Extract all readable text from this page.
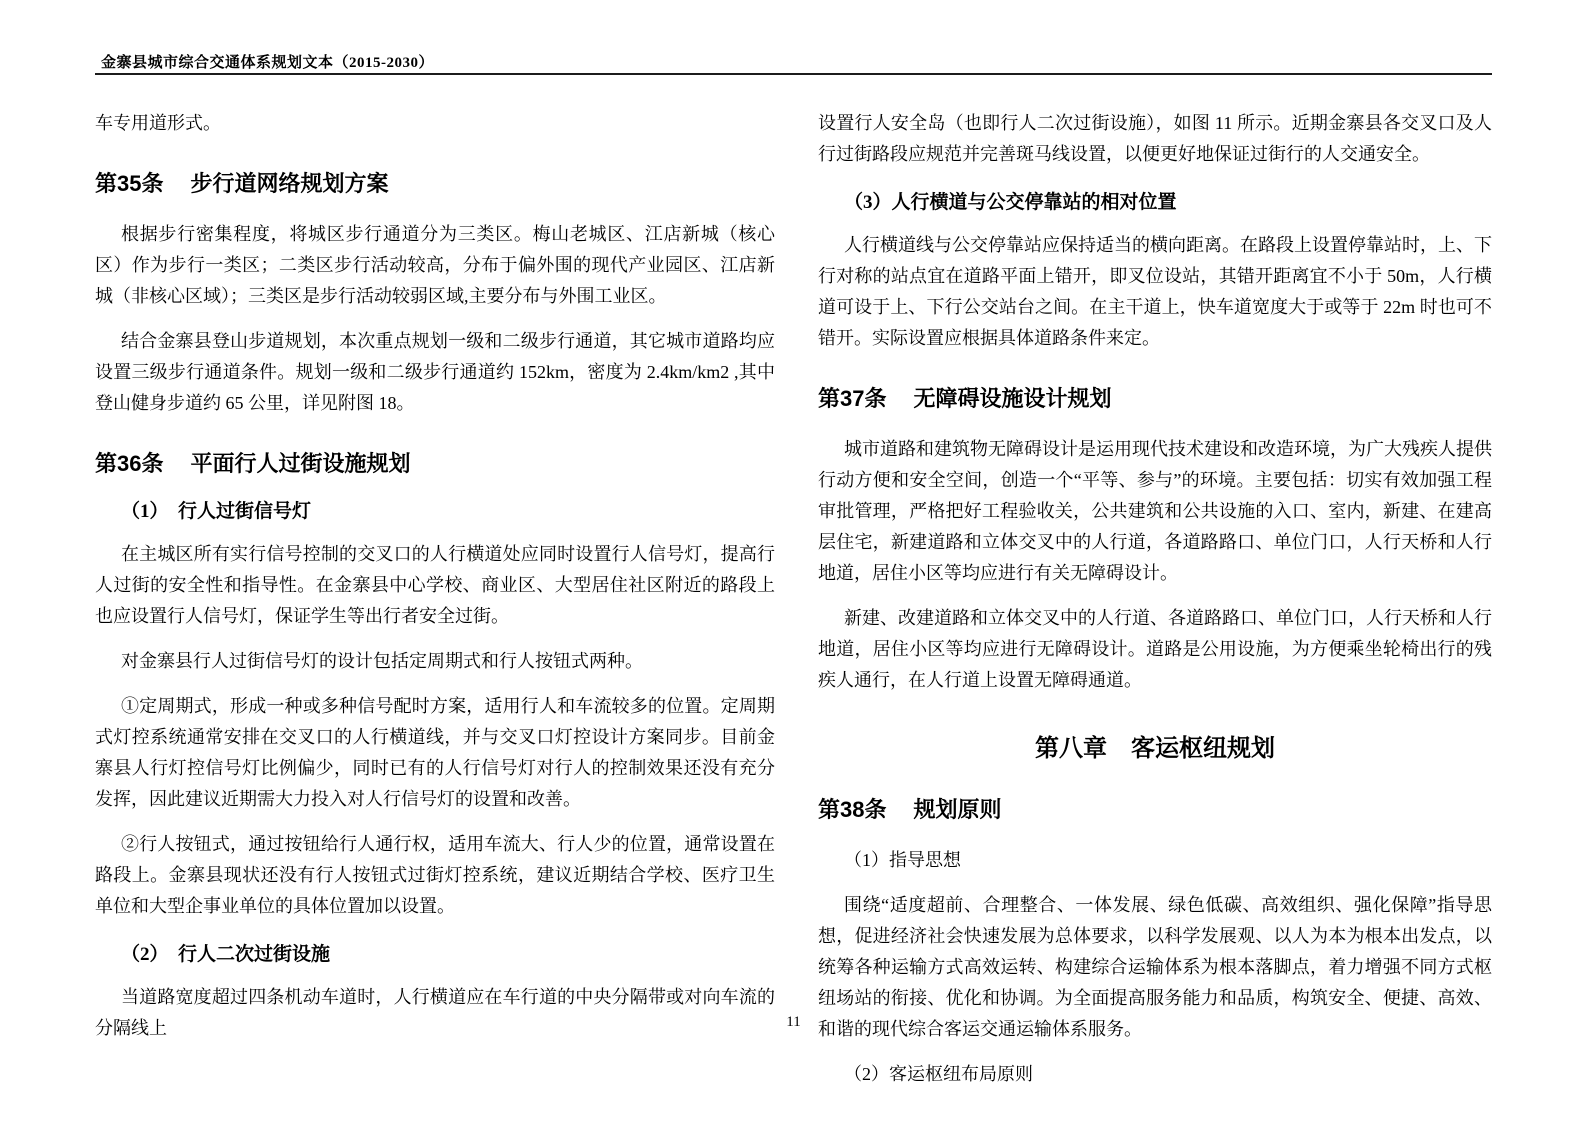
金寨县城市综合交通体系规划文本（2015-2030）

车专用道形式。

第35条 步行道网络规划方案

根据步行密集程度，将城区步行通道分为三类区。梅山老城区、江店新城（核心区）作为步行一类区；二类区步行活动较高，分布于偏外围的现代产业园区、江店新城（非核心区域）；三类区是步行活动较弱区域,主要分布与外围工业区。

结合金寨县登山步道规划，本次重点规划一级和二级步行通道，其它城市道路均应设置三级步行通道条件。规划一级和二级步行通道约 152km，密度为 2.4km/km2 ,其中登山健身步道约 65 公里，详见附图 18。

第36条 平面行人过街设施规划
（1）　行人过街信号灯

在主城区所有实行信号控制的交叉口的人行横道处应同时设置行人信号灯，提高行人过街的安全性和指导性。在金寨县中心学校、商业区、大型居住社区附近的路段上也应设置行人信号灯，保证学生等出行者安全过街。

对金寨县行人过街信号灯的设计包括定周期式和行人按钮式两种。

①定周期式，形成一种或多种信号配时方案，适用行人和车流较多的位置。定周期式灯控系统通常安排在交叉口的人行横道线，并与交叉口灯控设计方案同步。目前金寨县人行灯控信号灯比例偏少，同时已有的人行信号灯对行人的控制效果还没有充分发挥，因此建议近期需大力投入对人行信号灯的设置和改善。

②行人按钮式，通过按钮给行人通行权，适用车流大、行人少的位置，通常设置在路段上。金寨县现状还没有行人按钮式过街灯控系统，建议近期结合学校、医疗卫生单位和大型企事业单位的具体位置加以设置。

（2）　行人二次过街设施

当道路宽度超过四条机动车道时，人行横道应在车行道的中央分隔带或对向车流的分隔线上

设置行人安全岛（也即行人二次过街设施），如图 11 所示。近期金寨县各交叉口及人行过街路段应规范并完善斑马线设置，以便更好地保证过街行的人交通安全。

（3）人行横道与公交停靠站的相对位置

人行横道线与公交停靠站应保持适当的横向距离。在路段上设置停靠站时，上、下行对称的站点宜在道路平面上错开，即叉位设站，其错开距离宜不小于 50m，人行横道可设于上、下行公交站台之间。在主干道上，快车道宽度大于或等于 22m 时也可不错开。实际设置应根据具体道路条件来定。

第37条 无障碍设施设计规划

城市道路和建筑物无障碍设计是运用现代技术建设和改造环境，为广大残疾人提供行动方便和安全空间，创造一个“平等、参与”的环境。主要包括：切实有效加强工程审批管理，严格把好工程验收关，公共建筑和公共设施的入口、室内，新建、在建高层住宅，新建道路和立体交叉中的人行道，各道路路口、单位门口，人行天桥和人行地道，居住小区等均应进行有关无障碍设计。

新建、改建道路和立体交叉中的人行道、各道路路口、单位门口，人行天桥和人行地道，居住小区等均应进行无障碍设计。道路是公用设施，为方便乘坐轮椅出行的残疾人通行，在人行道上设置无障碍通道。

第八章 客运枢纽规划
第38条 规划原则

（1）指导思想

围绕“适度超前、合理整合、一体发展、绿色低碳、高效组织、强化保障”指导思想，促进经济社会快速发展为总体要求，以科学发展观、以人为本为根本出发点，以统筹各种运输方式高效运转、构建综合运输体系为根本落脚点，着力增强不同方式枢纽场站的衔接、优化和协调。为全面提高服务能力和品质，构筑安全、便捷、高效、和谐的现代综合客运交通运输体系服务。

（2）客运枢纽布局原则

11
